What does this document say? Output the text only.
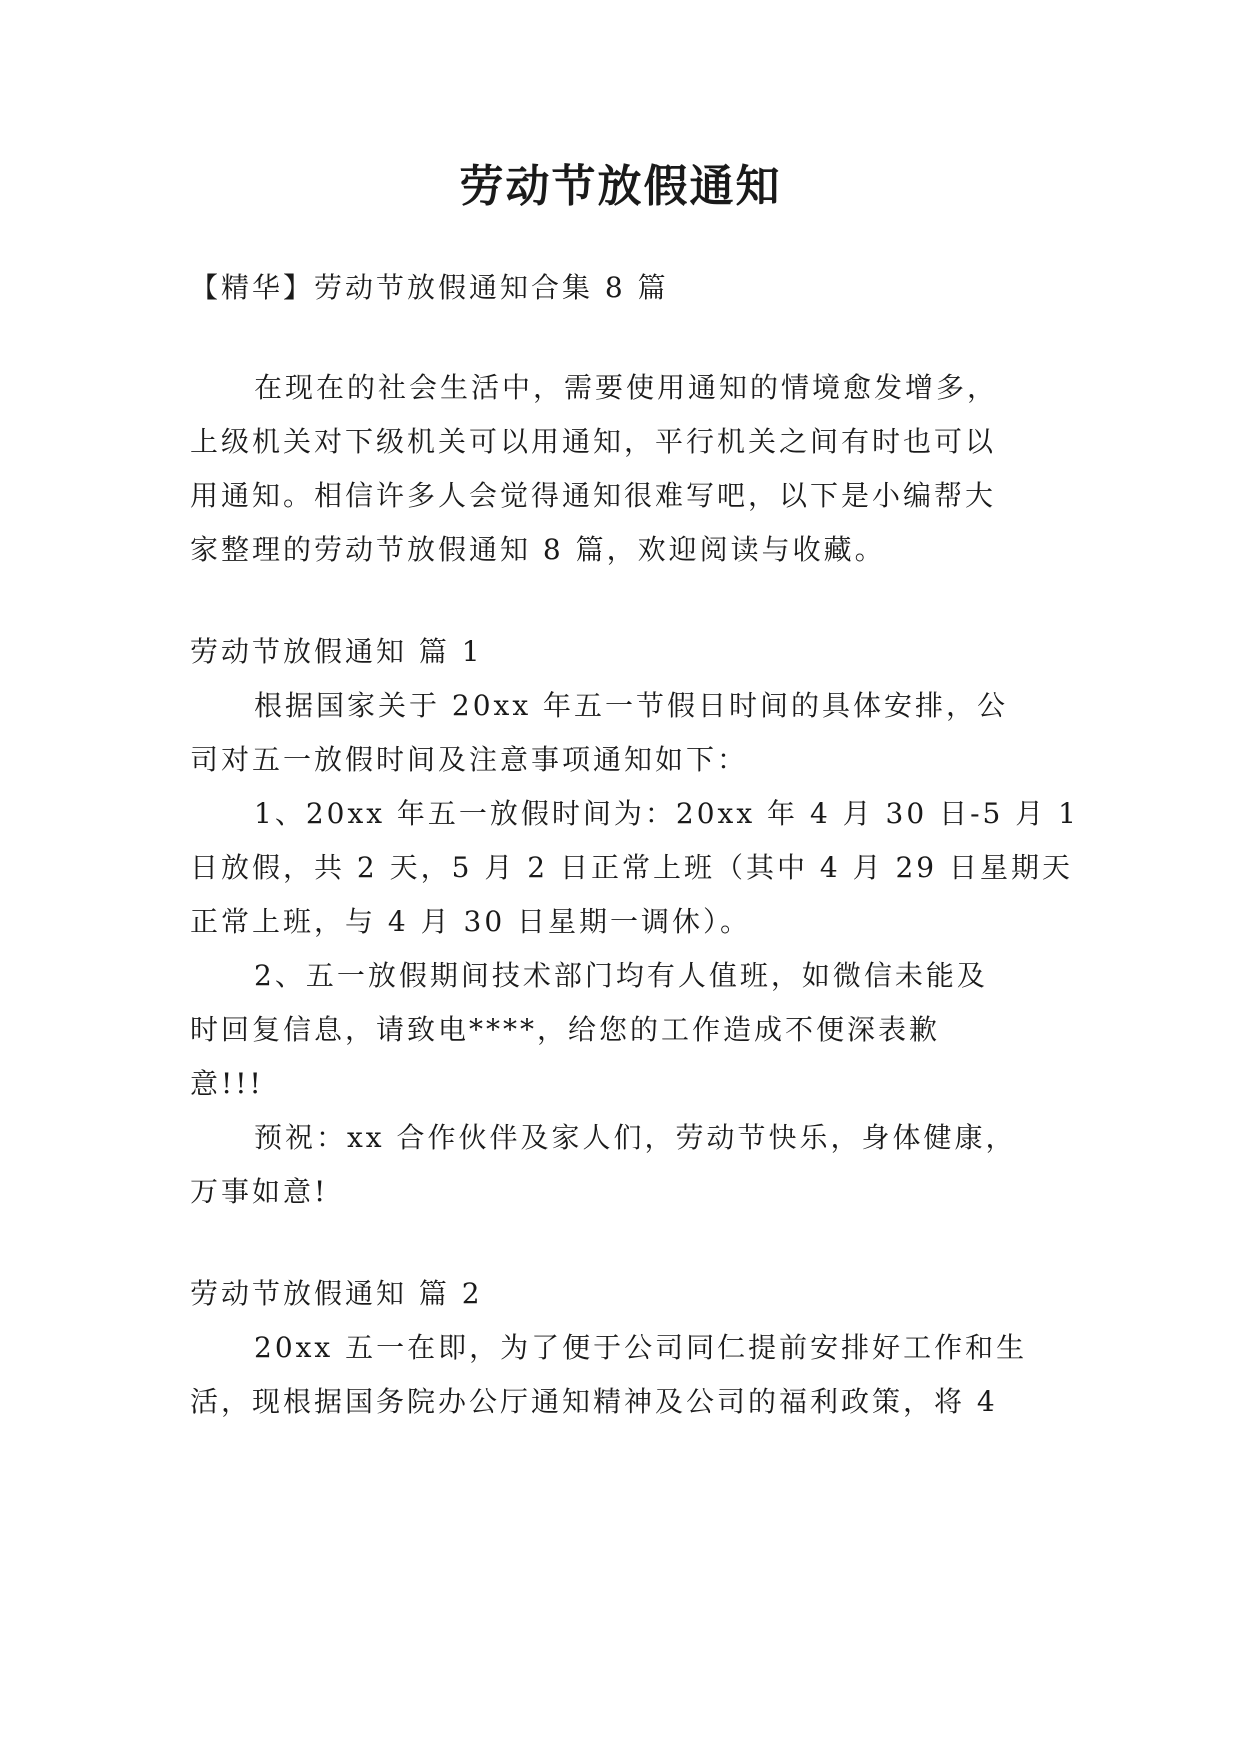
劳动节放假通知

【精华】劳动节放假通知合集 8 篇

在现在的社会生活中，需要使用通知的情境愈发增多，

上级机关对下级机关可以用通知，平行机关之间有时也可以

用通知。相信许多人会觉得通知很难写吧，以下是小编帮大

家整理的劳动节放假通知 8 篇，欢迎阅读与收藏。

劳动节放假通知 篇 1

根据国家关于 20xx 年五一节假日时间的具体安排，公

司对五一放假时间及注意事项通知如下：

1、20xx 年五一放假时间为：20xx 年 4 月 30 日-5 月 1

日放假，共 2 天，5 月 2 日正常上班（其中 4 月 29 日星期天

正常上班，与 4 月 30 日星期一调休）。

2、五一放假期间技术部门均有人值班，如微信未能及

时回复信息，请致电****，给您的工作造成不便深表歉

意!!!

预祝：xx 合作伙伴及家人们，劳动节快乐，身体健康，

万事如意!

劳动节放假通知 篇 2

20xx 五一在即，为了便于公司同仁提前安排好工作和生

活，现根据国务院办公厅通知精神及公司的福利政策，将 4
